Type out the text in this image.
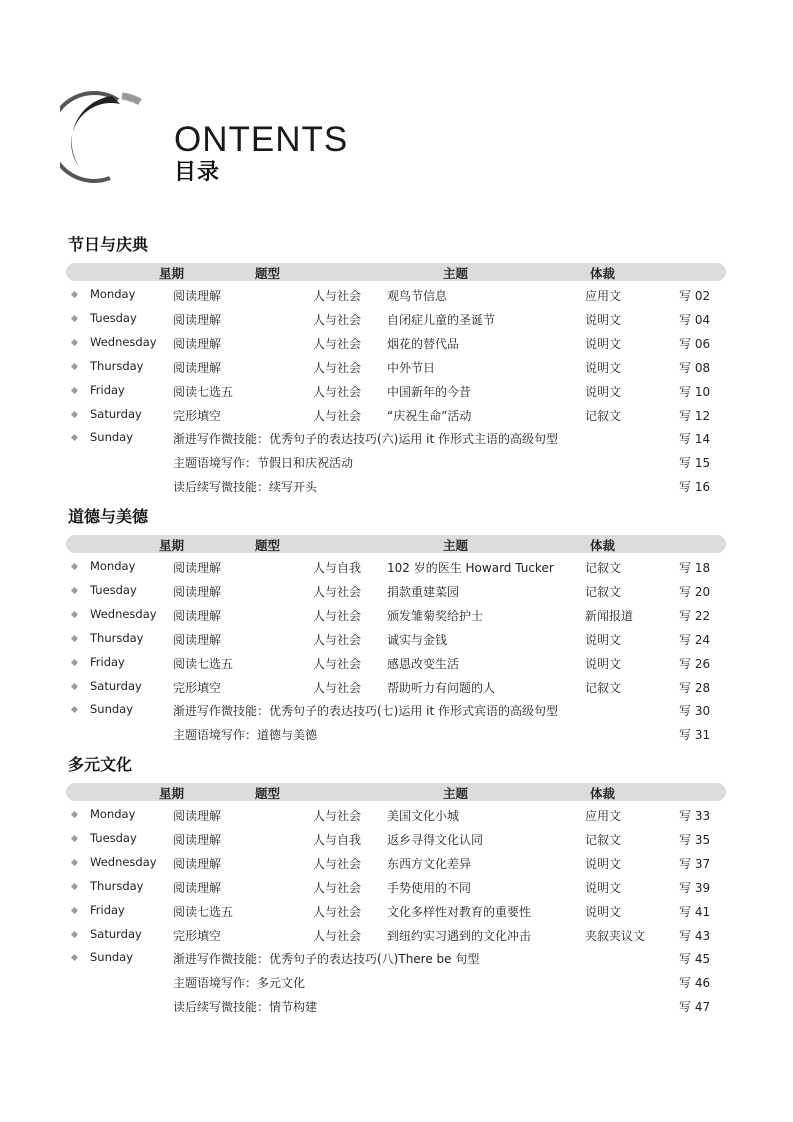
ONTENTS
目录
节日与庆典
星期	题型	主题	体裁
Monday	阅读理解	人与社会 观鸟节信息	应用文	写 02
Tuesday	阅读理解	人与社会 自闭症儿童的圣诞节	说明文	写 04
Wednesday 阅读理解	人与社会 烟花的替代品	说明文	写 06
Thursday 阅读理解	人与社会 中外节日	说明文	写 08
Friday	阅读七选五	人与社会 中国新年的今昔	说明文	写 10
Saturday	完形填空	人与社会 “庆祝生命”活动	记叙文	写 12
Sunday	渐进写作微技能：优秀句子的表达技巧(六)运用 it 作形式主语的高级句型	写 14
主题语境写作：节假日和庆祝活动	写 15
读后续写微技能：续写开头	写 16
道德与美德
星期	题型	主题	体裁
Monday	阅读理解	人与自我 102 岁的医生 Howard Tucker	记叙文	写 18
Tuesday	阅读理解	人与社会 捐款重建菜园	记叙文	写 20
Wednesday 阅读理解	人与社会 颁发雏菊奖给护士	新闻报道	写 22
Thursday 阅读理解	人与社会 诚实与金钱	说明文	写 24
Friday	阅读七选五	人与社会 感恩改变生活	说明文	写 26
Saturday	完形填空	人与社会 帮助听力有问题的人	记叙文	写 28
Sunday	渐进写作微技能：优秀句子的表达技巧(七)运用 it 作形式宾语的高级句型	写 30
主题语境写作：道德与美德	写 31
多元文化
星期	题型	主题	体裁
Monday	阅读理解	人与社会 美国文化小城	应用文	写 33
Tuesday	阅读理解	人与自我 返乡寻得文化认同	记叙文	写 35
Wednesday 阅读理解	人与社会 东西方文化差异	说明文	写 37
Thursday 阅读理解	人与社会 手势使用的不同	说明文	写 39
Friday	阅读七选五	人与社会 文化多样性对教育的重要性	说明文	写 41
Saturday	完形填空	人与社会 到纽约实习遇到的文化冲击	夹叙夹议文	写 43
Sunday	渐进写作微技能：优秀句子的表达技巧(八)There be 句型	写 45
主题语境写作：多元文化	写 46
读后续写微技能：情节构建	写 47
